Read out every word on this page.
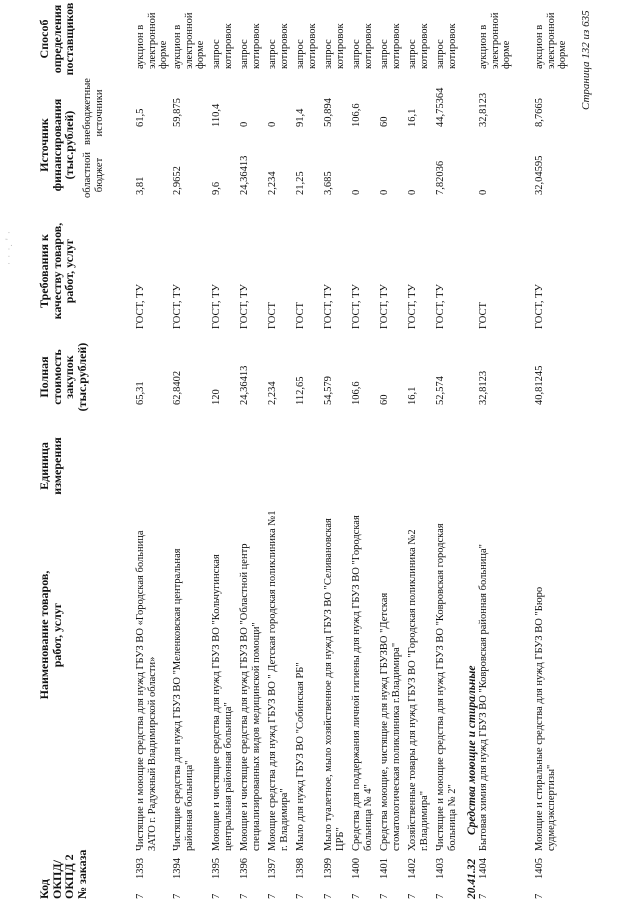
· · ·. ' ·
Код
ОКПД/
ОКПД 2
№ заказа
Наименование товаров,
работ, услуг
Единица
измерения
Полная
стоимость
закупок
(тыс.рублей)
Требования к
качеству товаров,
работ, услуг
Источник
финансирования
(тыс.рублей) областной бюджет
внебюджетные источники
Способ
определения
поставщиков
7
1393
Чистящие и моющие средства для нужд ГБУЗ ВО «Городская больница ЗАТО г. Радужный Владимирской области»
65,31
ГОСТ, ТУ
3,81
61,5
аукцион в электронной форме
7
1394
Чистящие средства для нужд ГБУЗ ВО "Меленковская центральная районная больница"
62,8402
ГОСТ, ТУ
2,9652
59,875
аукцион в электронной форме
7
1395
Моющие и чистящие средства для нужд ГБУЗ ВО "Кольчугинская центральная районная больница"
120
ГОСТ, ТУ
9,6
110,4
запрос котировок
7
1396
Моющие и чистящие средства для нужд ГБУЗ ВО "Областной центр специализированных видов медицинской помощи"
24,36413
ГОСТ, ТУ
24,36413
0
запрос котировок
7
1397
Моющие средства для нужд ГБУЗ ВО " Детская городская поликлиника №1 г. Владимира"
2,234
ГОСТ
2,234
0
запрос котировок
7
1398
Мыло для нужд ГБУЗ ВО "Собинская РБ"
112,65
ГОСТ
21,25
91,4
запрос котировок
7
1399
Мыло туалетное, мыло хозяйственное для нужд ГБУЗ ВО "Селивановская ЦРБ"
54,579
ГОСТ, ТУ
3,685
50,894
запрос котировок
7
1400
Средства для поддержания личной гигиены для нужд ГБУЗ ВО "Городская больница № 4"
106,6
ГОСТ, ТУ
0
106,6
запрос котировок
7
1401
Средства моющие, чистящие для нужд ГБУЗВО "Детская стоматологическая поликлиника г.Владимира"
60
ГОСТ, ТУ
0
60
запрос котировок
7
1402
Хозяйственные товары для нужд ГБУЗ ВО "Городская поликлиника №2 г.Владимира"
16,1
ГОСТ, ТУ
0
16,1
запрос котировок
7
1403
Чистящие и моющие средства для нужд ГБУЗ ВО "Ковровская городская больница № 2"
52,574
ГОСТ, ТУ
7,82036
44,75364
запрос котировок
20.41.32
Средства моющие и стиральные
7
1404
Бытовая химия для нужд ГБУЗ ВО "Ковровская районная больница"
32,8123
ГОСТ
0
32,8123
аукцион в электронной форме
7
1405
Моющие и стиральные средства для нужд ГБУЗ ВО "Бюро судмедэкспертизы"
40,81245
ГОСТ, ТУ
32,04595
8,7665
аукцион в электронной форме Страница 132 из 635
